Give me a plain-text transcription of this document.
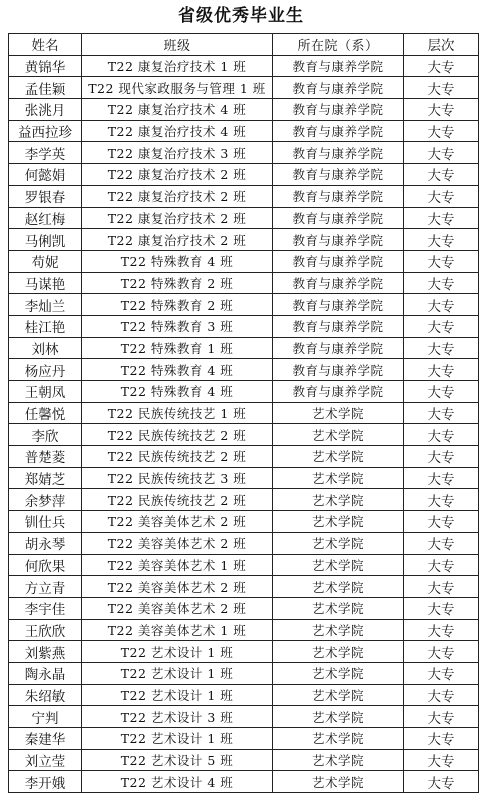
省级优秀毕业生
姓名	班级	所在院（系）	层次
黄锦华	T22 康复治疗技术 1 班	教育与康养学院	大专
孟佳颖	T22 现代家政服务与管理 1 班	教育与康养学院	大专
张洮月	T22 康复治疗技术 4 班	教育与康养学院	大专
益西拉珍	T22 康复治疗技术 4 班	教育与康养学院	大专
李学英	T22 康复治疗技术 3 班	教育与康养学院	大专
何懿娟	T22 康复治疗技术 2 班	教育与康养学院	大专
罗银春	T22 康复治疗技术 2 班	教育与康养学院	大专
赵红梅	T22 康复治疗技术 2 班	教育与康养学院	大专
马俐凯	T22 康复治疗技术 2 班	教育与康养学院	大专
苟妮	T22 特殊教育 4 班	教育与康养学院	大专
马谋艳	T22 特殊教育 2 班	教育与康养学院	大专
李灿兰	T22 特殊教育 2 班	教育与康养学院	大专
桂江艳	T22 特殊教育 3 班	教育与康养学院	大专
刘林	T22 特殊教育 1 班	教育与康养学院	大专
杨应丹	T22 特殊教育 4 班	教育与康养学院	大专
王朝凤	T22 特殊教育 4 班	教育与康养学院	大专
任馨悦	T22 民族传统技艺 1 班	艺术学院	大专
李欣	T22 民族传统技艺 2 班	艺术学院	大专
普楚菱	T22 民族传统技艺 2 班	艺术学院	大专
郑婧芝	T22 民族传统技艺 3 班	艺术学院	大专
余梦萍	T22 民族传统技艺 2 班	艺术学院	大专
钏仕兵	T22 美容美体艺术 2 班	艺术学院	大专
胡永琴	T22 美容美体艺术 2 班	艺术学院	大专
何欣果	T22 美容美体艺术 1 班	艺术学院	大专
方立青	T22 美容美体艺术 2 班	艺术学院	大专
李宇佳	T22 美容美体艺术 2 班	艺术学院	大专
王欣欣	T22 美容美体艺术 1 班	艺术学院	大专
刘紫燕	T22 艺术设计 1 班	艺术学院	大专
陶永晶	T22 艺术设计 1 班	艺术学院	大专
朱绍敏	T22 艺术设计 1 班	艺术学院	大专
宁判	T22 艺术设计 3 班	艺术学院	大专
秦建华	T22 艺术设计 1 班	艺术学院	大专
刘立莹	T22 艺术设计 5 班	艺术学院	大专
李开娥	T22 艺术设计 4 班	艺术学院	大专
